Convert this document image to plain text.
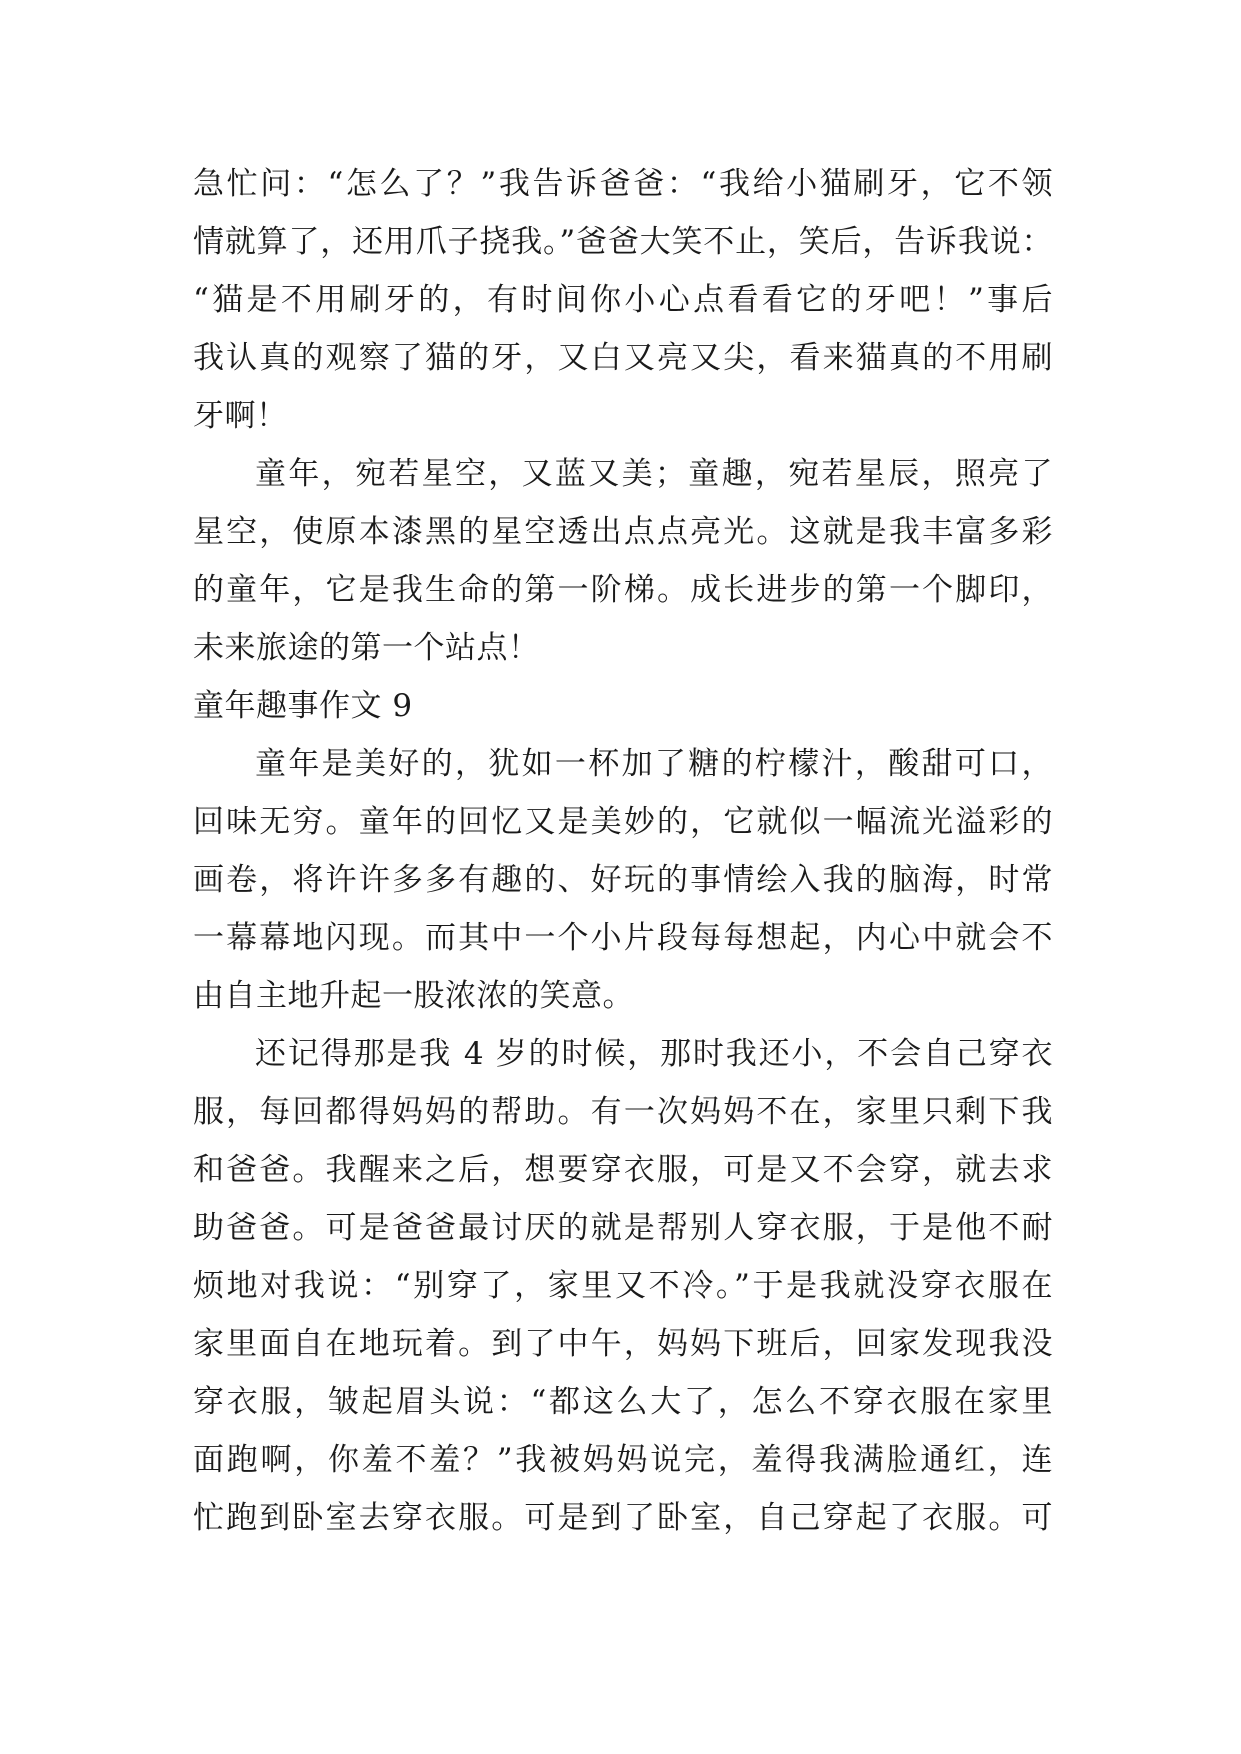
急忙问：“怎么了？”我告诉爸爸：“我给小猫刷牙，它不领
情就算了，还用爪子挠我。”爸爸大笑不止，笑后，告诉我说：
“猫是不用刷牙的，有时间你小心点看看它的牙吧！”事后
我认真的观察了猫的牙，又白又亮又尖，看来猫真的不用刷
牙啊！
童年，宛若星空，又蓝又美；童趣，宛若星辰，照亮了
星空，使原本漆黑的星空透出点点亮光。这就是我丰富多彩
的童年，它是我生命的第一阶梯。成长进步的第一个脚印，
未来旅途的第一个站点！
童年趣事作文 9
童年是美好的，犹如一杯加了糖的柠檬汁，酸甜可口，
回味无穷。童年的回忆又是美妙的，它就似一幅流光溢彩的
画卷，将许许多多有趣的、好玩的事情绘入我的脑海，时常
一幕幕地闪现。而其中一个小片段每每想起，内心中就会不
由自主地升起一股浓浓的笑意。
还记得那是我 4 岁的时候，那时我还小，不会自己穿衣
服，每回都得妈妈的帮助。有一次妈妈不在，家里只剩下我
和爸爸。我醒来之后，想要穿衣服，可是又不会穿，就去求
助爸爸。可是爸爸最讨厌的就是帮别人穿衣服，于是他不耐
烦地对我说：“别穿了，家里又不冷。”于是我就没穿衣服在
家里面自在地玩着。到了中午，妈妈下班后，回家发现我没
穿衣服，皱起眉头说：“都这么大了，怎么不穿衣服在家里
面跑啊，你羞不羞？”我被妈妈说完，羞得我满脸通红，连
忙跑到卧室去穿衣服。可是到了卧室，自己穿起了衣服。可
